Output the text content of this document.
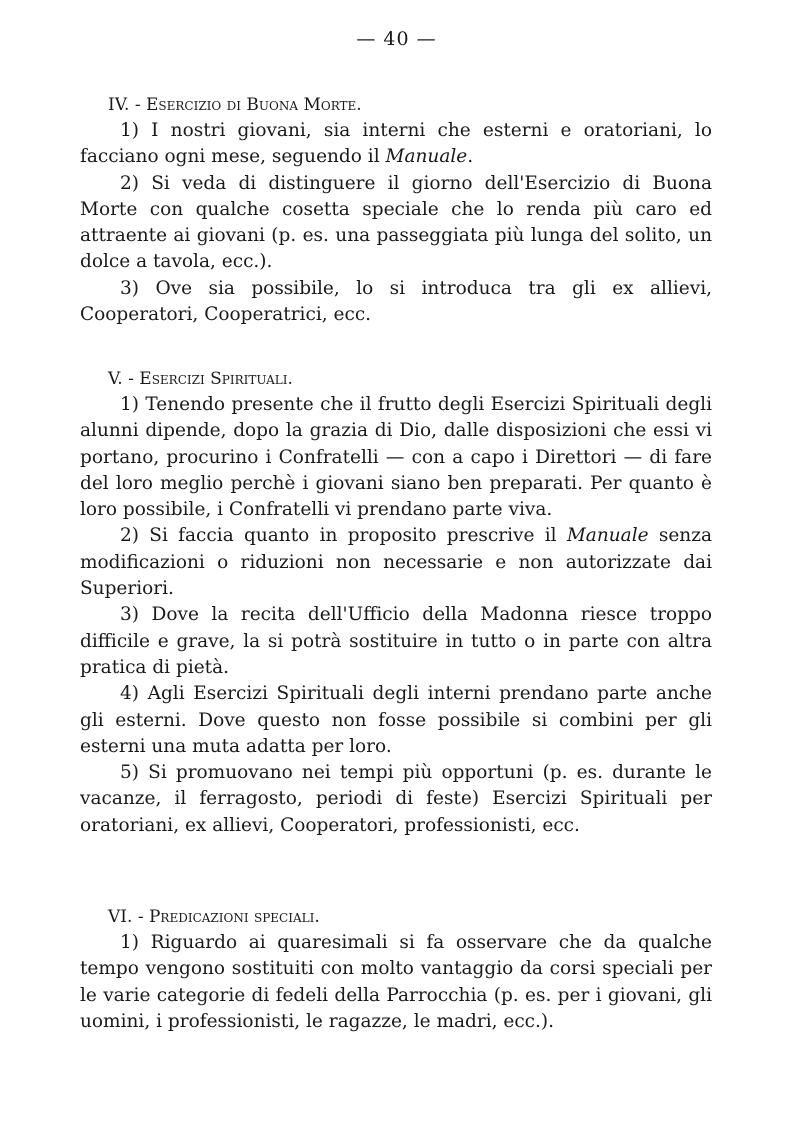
— 40 —

IV. - Esercizio di Buona Morte.

1) I nostri giovani, sia interni che esterni e oratoriani, lo facciano ogni mese, seguendo il Manuale.

2) Si veda di distinguere il giorno dell'Esercizio di Buona Morte con qualche cosetta speciale che lo renda più caro ed attraente ai giovani (p. es. una passeggiata più lunga del solito, un dolce a tavola, ecc.).

3) Ove sia possibile, lo si introduca tra gli ex allievi, Cooperatori, Cooperatrici, ecc.

V. - Esercizi Spirituali.

1) Tenendo presente che il frutto degli Esercizi Spirituali degli alunni dipende, dopo la grazia di Dio, dalle disposizioni che essi vi portano, procurino i Confratelli — con a capo i Direttori — di fare del loro meglio perchè i giovani siano ben preparati. Per quanto è loro possibile, i Confratelli vi prendano parte viva.

2) Si faccia quanto in proposito prescrive il Manuale senza modificazioni o riduzioni non necessarie e non autorizzate dai Superiori.

3) Dove la recita dell'Ufficio della Madonna riesce troppo difficile e grave, la si potrà sostituire in tutto o in parte con altra pratica di pietà.

4) Agli Esercizi Spirituali degli interni prendano parte anche gli esterni. Dove questo non fosse possibile si combini per gli esterni una muta adatta per loro.

5) Si promuovano nei tempi più opportuni (p. es. durante le vacanze, il ferragosto, periodi di feste) Esercizi Spirituali per oratoriani, ex allievi, Cooperatori, professionisti, ecc.

VI. - Predicazioni speciali.

1) Riguardo ai quaresimali si fa osservare che da qualche tempo vengono sostituiti con molto vantaggio da corsi speciali per le varie categorie di fedeli della Parrocchia (p. es. per i giovani, gli uomini, i professionisti, le ragazze, le madri, ecc.).
